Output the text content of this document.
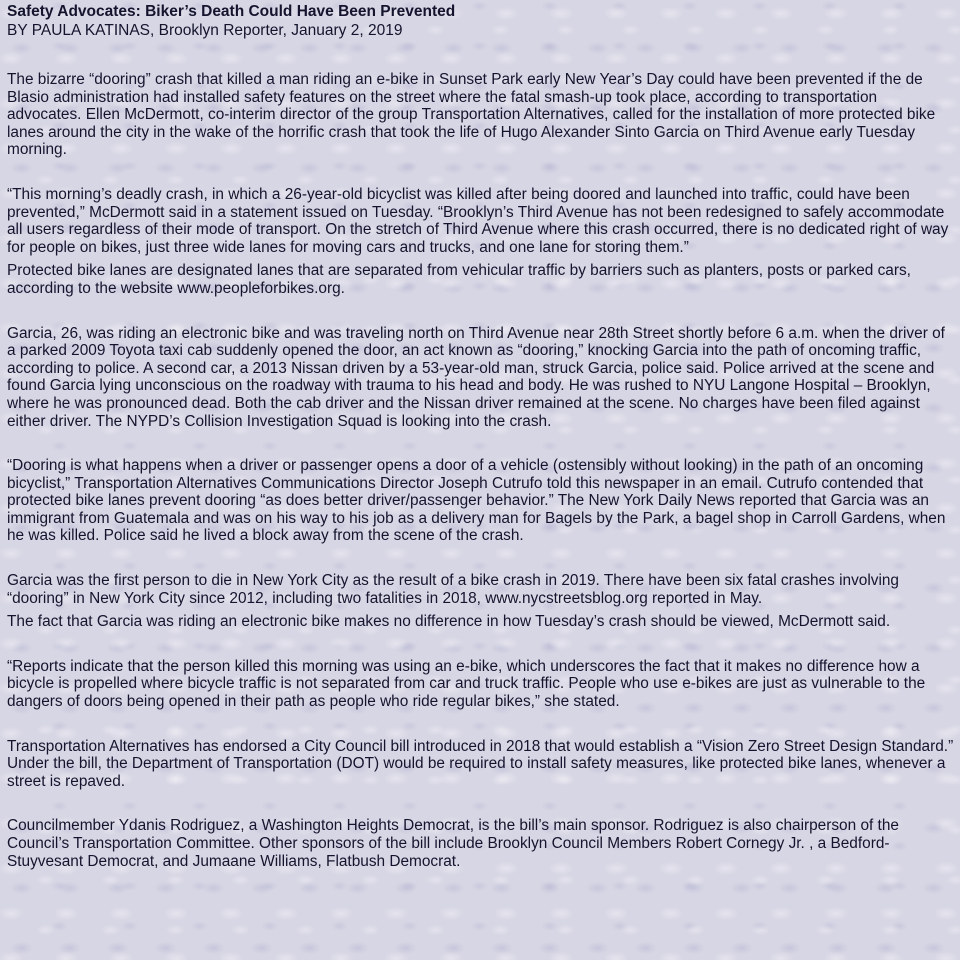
Safety Advocates: Biker’s Death Could Have Been Prevented

BY PAULA KATINAS, Brooklyn Reporter, January 2, 2019

The bizarre “dooring” crash that killed a man riding an e-bike in Sunset Park early New Year’s Day could have been prevented if the de Blasio administration had installed safety features on the street where the fatal smash-up took place, according to transportation advocates. Ellen McDermott, co-interim director of the group Transportation Alternatives, called for the installation of more protected bike lanes around the city in the wake of the horrific crash that took the life of Hugo Alexander Sinto Garcia on Third Avenue early Tuesday morning.

“This morning’s deadly crash, in which a 26-year-old bicyclist was killed after being doored and launched into traffic, could have been prevented,” McDermott said in a statement issued on Tuesday. “Brooklyn’s Third Avenue has not been redesigned to safely accommodate all users regardless of their mode of transport. On the stretch of Third Avenue where this crash occurred, there is no dedicated right of way for people on bikes, just three wide lanes for moving cars and trucks, and one lane for storing them.”

Protected bike lanes are designated lanes that are separated from vehicular traffic by barriers such as planters, posts or parked cars, according to the website www.peopleforbikes.org.

Garcia, 26, was riding an electronic bike and was traveling north on Third Avenue near 28th Street shortly before 6 a.m. when the driver of a parked 2009 Toyota taxi cab suddenly opened the door, an act known as “dooring,” knocking Garcia into the path of oncoming traffic, according to police. A second car, a 2013 Nissan driven by a 53-year-old man, struck Garcia, police said. Police arrived at the scene and found Garcia lying unconscious on the roadway with trauma to his head and body. He was rushed to NYU Langone Hospital – Brooklyn, where he was pronounced dead. Both the cab driver and the Nissan driver remained at the scene. No charges have been filed against either driver. The NYPD’s Collision Investigation Squad is looking into the crash.

“Dooring is what happens when a driver or passenger opens a door of a vehicle (ostensibly without looking) in the path of an oncoming bicyclist,” Transportation Alternatives Communications Director Joseph Cutrufo told this newspaper in an email. Cutrufo contended that protected bike lanes prevent dooring “as does better driver/passenger behavior.” The New York Daily News reported that Garcia was an immigrant from Guatemala and was on his way to his job as a delivery man for Bagels by the Park, a bagel shop in Carroll Gardens, when he was killed. Police said he lived a block away from the scene of the crash.

Garcia was the first person to die in New York City as the result of a bike crash in 2019. There have been six fatal crashes involving “dooring” in New York City since 2012, including two fatalities in 2018, www.nycstreetsblog.org reported in May.

The fact that Garcia was riding an electronic bike makes no difference in how Tuesday’s crash should be viewed, McDermott said.

“Reports indicate that the person killed this morning was using an e-bike, which underscores the fact that it makes no difference how a bicycle is propelled where bicycle traffic is not separated from car and truck traffic. People who use e-bikes are just as vulnerable to the dangers of doors being opened in their path as people who ride regular bikes,” she stated.

Transportation Alternatives has endorsed a City Council bill introduced in 2018 that would establish a “Vision Zero Street Design Standard.” Under the bill, the Department of Transportation (DOT) would be required to install safety measures, like protected bike lanes, whenever a street is repaved.

Councilmember Ydanis Rodriguez, a Washington Heights Democrat, is the bill’s main sponsor. Rodriguez is also chairperson of the Council’s Transportation Committee. Other sponsors of the bill include Brooklyn Council Members Robert Cornegy Jr. , a Bedford-Stuyvesant Democrat, and Jumaane Williams, Flatbush Democrat.
